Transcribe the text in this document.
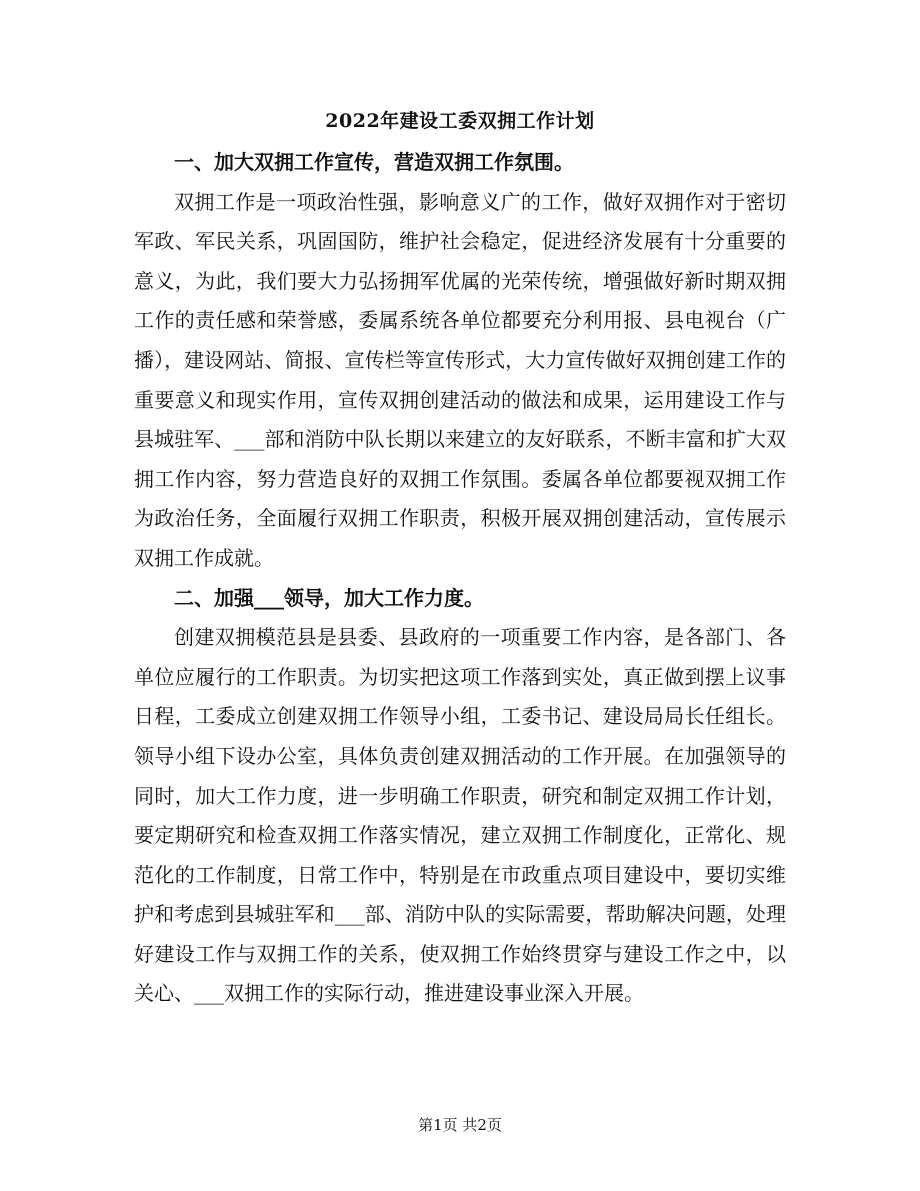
2022年建设工委双拥工作计划

一、加大双拥工作宣传，营造双拥工作氛围。

双拥工作是一项政治性强，影响意义广的工作，做好双拥作对于密切军政、军民关系，巩固国防，维护社会稳定，促进经济发展有十分重要的意义，为此，我们要大力弘扬拥军优属的光荣传统，增强做好新时期双拥工作的责任感和荣誉感，委属系统各单位都要充分利用报、县电视台（广播），建设网站、简报、宣传栏等宣传形式，大力宣传做好双拥创建工作的重要意义和现实作用，宣传双拥创建活动的做法和成果，运用建设工作与县城驻军、___部和消防中队长期以来建立的友好联系，不断丰富和扩大双拥工作内容，努力营造良好的双拥工作氛围。委属各单位都要视双拥工作为政治任务，全面履行双拥工作职责，积极开展双拥创建活动，宣传展示双拥工作成就。

二、加强___领导，加大工作力度。

创建双拥模范县是县委、县政府的一项重要工作内容，是各部门、各单位应履行的工作职责。为切实把这项工作落到实处，真正做到摆上议事日程，工委成立创建双拥工作领导小组，工委书记、建设局局长任组长。领导小组下设办公室，具体负责创建双拥活动的工作开展。在加强领导的同时，加大工作力度，进一步明确工作职责，研究和制定双拥工作计划，要定期研究和检查双拥工作落实情况，建立双拥工作制度化，正常化、规范化的工作制度，日常工作中，特别是在市政重点项目建设中，要切实维护和考虑到县城驻军和___部、消防中队的实际需要，帮助解决问题，处理好建设工作与双拥工作的关系，使双拥工作始终贯穿与建设工作之中，以关心、___双拥工作的实际行动，推进建设事业深入开展。

第1页 共2页
